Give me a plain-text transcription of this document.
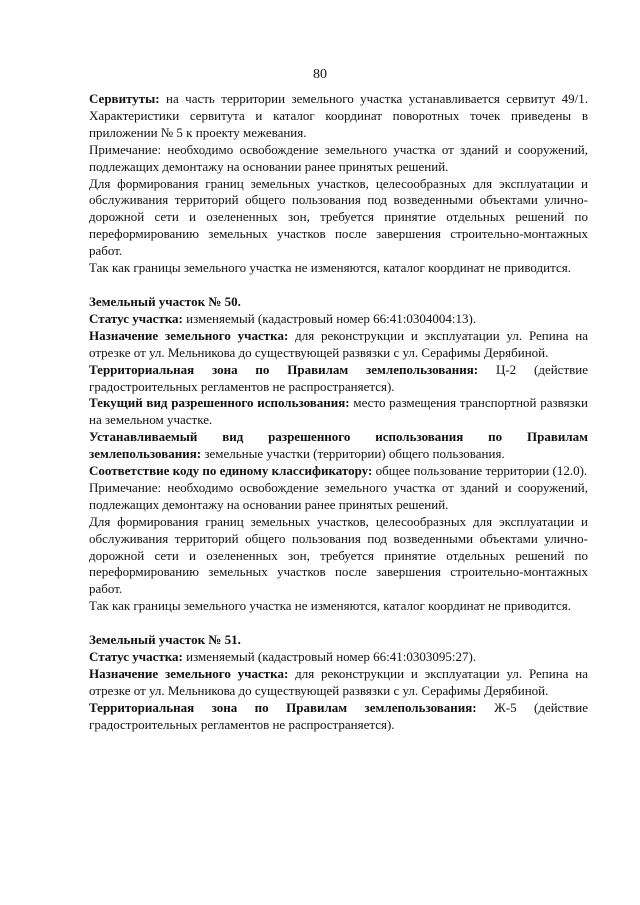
80

Сервитуты: на часть территории земельного участка устанавливается сервитут 49/1. Характеристики сервитута и каталог координат поворотных точек приведены в приложении № 5 к проекту межевания.

Примечание: необходимо освобождение земельного участка от зданий и сооружений, подлежащих демонтажу на основании ранее принятых решений.

Для формирования границ земельных участков, целесообразных для эксплуатации и обслуживания территорий общего пользования под возведенными объектами улично-дорожной сети и озелененных зон, требуется принятие отдельных решений по переформированию земельных участков после завершения строительно-монтажных работ.

Так как границы земельного участка не изменяются, каталог координат не приводится.

Земельный участок № 50.

Статус участка: изменяемый (кадастровый номер 66:41:0304004:13).

Назначение земельного участка: для реконструкции и эксплуатации ул. Репина на отрезке от ул. Мельникова до существующей развязки с ул. Серафимы Дерябиной.

Территориальная зона по Правилам землепользования: Ц-2 (действие градостроительных регламентов не распространяется).

Текущий вид разрешенного использования: место размещения транспортной развязки на земельном участке.

Устанавливаемый вид разрешенного использования по Правилам землепользования: земельные участки (территории) общего пользования.

Соответствие коду по единому классификатору: общее пользование территории (12.0).

Примечание: необходимо освобождение земельного участка от зданий и сооружений, подлежащих демонтажу на основании ранее принятых решений.

Для формирования границ земельных участков, целесообразных для эксплуатации и обслуживания территорий общего пользования под возведенными объектами улично-дорожной сети и озелененных зон, требуется принятие отдельных решений по переформированию земельных участков после завершения строительно-монтажных работ.

Так как границы земельного участка не изменяются, каталог координат не приводится.

Земельный участок № 51.

Статус участка: изменяемый (кадастровый номер 66:41:0303095:27).

Назначение земельного участка: для реконструкции и эксплуатации ул. Репина на отрезке от ул. Мельникова до существующей развязки с ул. Серафимы Дерябиной.

Территориальная зона по Правилам землепользования: Ж-5 (действие градостроительных регламентов не распространяется).
